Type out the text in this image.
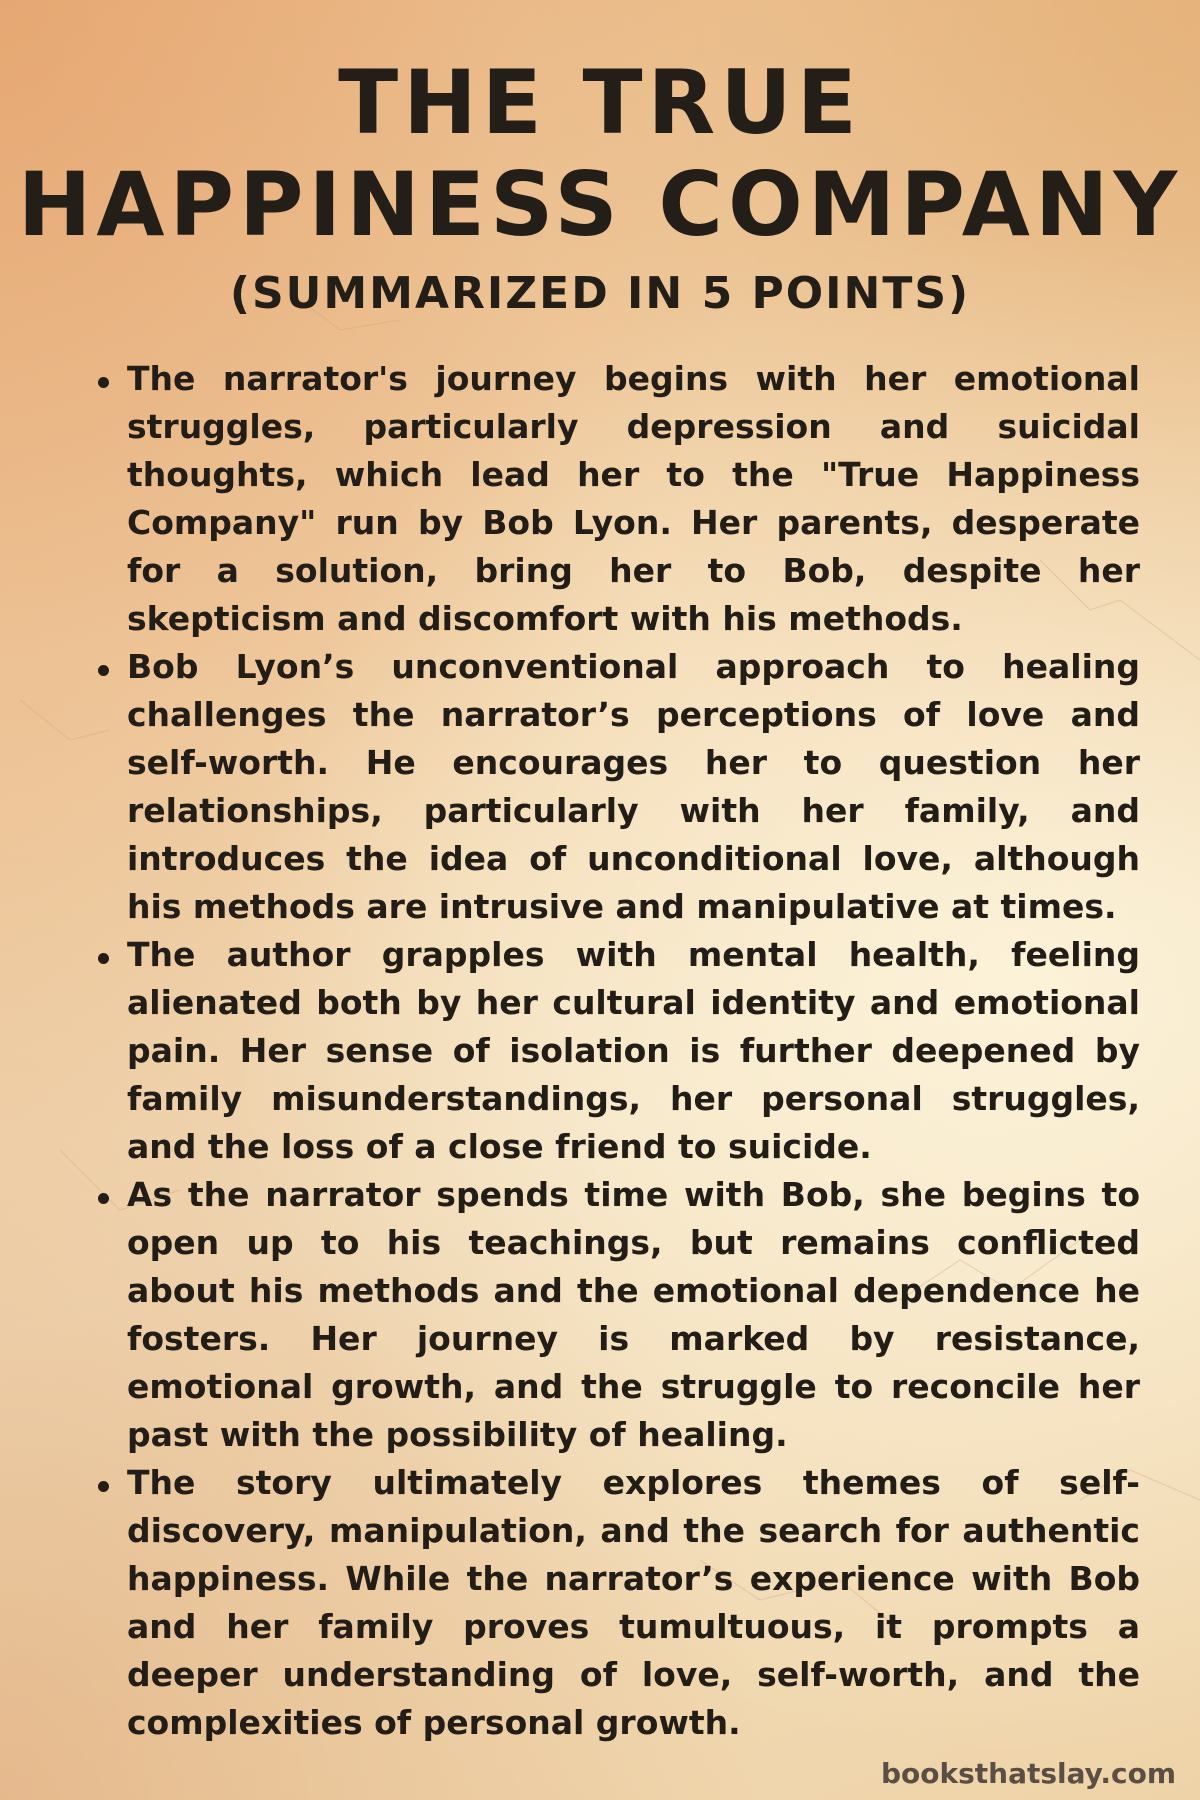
THE TRUE
HAPPINESS COMPANY
(SUMMARIZED IN 5 POINTS)
The narrator's journey begins with her emotional struggles, particularly depression and suicidal thoughts, which lead her to the "True Happiness Company" run by Bob Lyon. Her parents, desperate for a solution, bring her to Bob, despite her skepticism and discomfort with his methods.
Bob Lyon’s unconventional approach to healing challenges the narrator’s perceptions of love and self-worth. He encourages her to question her relationships, particularly with her family, and introduces the idea of unconditional love, although his methods are intrusive and manipulative at times.
The author grapples with mental health, feeling alienated both by her cultural identity and emotional pain. Her sense of isolation is further deepened by family misunderstandings, her personal struggles, and the loss of a close friend to suicide.
As the narrator spends time with Bob, she begins to open up to his teachings, but remains conflicted about his methods and the emotional dependence he fosters. Her journey is marked by resistance, emotional growth, and the struggle to reconcile her past with the possibility of healing.
The story ultimately explores themes of self-discovery, manipulation, and the search for authentic happiness. While the narrator’s experience with Bob and her family proves tumultuous, it prompts a deeper understanding of love, self-worth, and the complexities of personal growth.
booksthatslay.com
